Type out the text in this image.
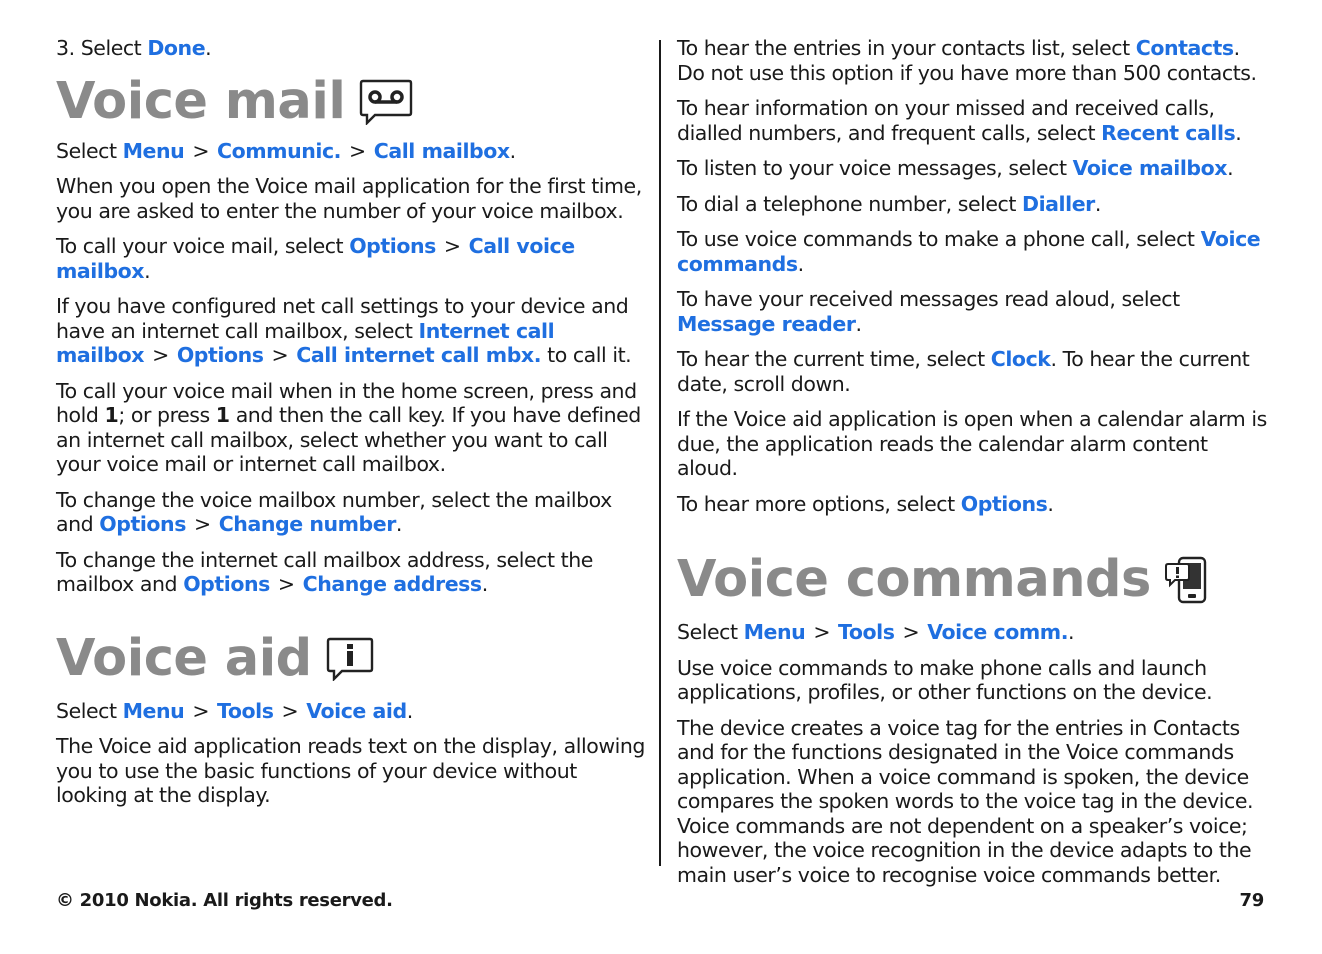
3. Select Done.

Voice mail

Select Menu > Communic. > Call mailbox.

When you open the Voice mail application for the first time, you are asked to enter the number of your voice mailbox.

To call your voice mail, select Options > Call voice mailbox.

If you have configured net call settings to your device and have an internet call mailbox, select Internet call mailbox > Options > Call internet call mbx. to call it.

To call your voice mail when in the home screen, press and hold 1; or press 1 and then the call key. If you have defined an internet call mailbox, select whether you want to call your voice mail or internet call mailbox.

To change the voice mailbox number, select the mailbox and Options > Change number.

To change the internet call mailbox address, select the mailbox and Options > Change address.

Voice aid

Select Menu > Tools > Voice aid.

The Voice aid application reads text on the display, allowing you to use the basic functions of your device without looking at the display.

To hear the entries in your contacts list, select Contacts. Do not use this option if you have more than 500 contacts.

To hear information on your missed and received calls, dialled numbers, and frequent calls, select Recent calls.

To listen to your voice messages, select Voice mailbox.

To dial a telephone number, select Dialler.

To use voice commands to make a phone call, select Voice commands.

To have your received messages read aloud, select Message reader.

To hear the current time, select Clock. To hear the current date, scroll down.

If the Voice aid application is open when a calendar alarm is due, the application reads the calendar alarm content aloud.

To hear more options, select Options.

Voice commands

Select Menu > Tools > Voice comm..

Use voice commands to make phone calls and launch applications, profiles, or other functions on the device.

The device creates a voice tag for the entries in Contacts and for the functions designated in the Voice commands application. When a voice command is spoken, the device compares the spoken words to the voice tag in the device. Voice commands are not dependent on a speaker’s voice; however, the voice recognition in the device adapts to the main user’s voice to recognise voice commands better.

© 2010 Nokia. All rights reserved.	79
